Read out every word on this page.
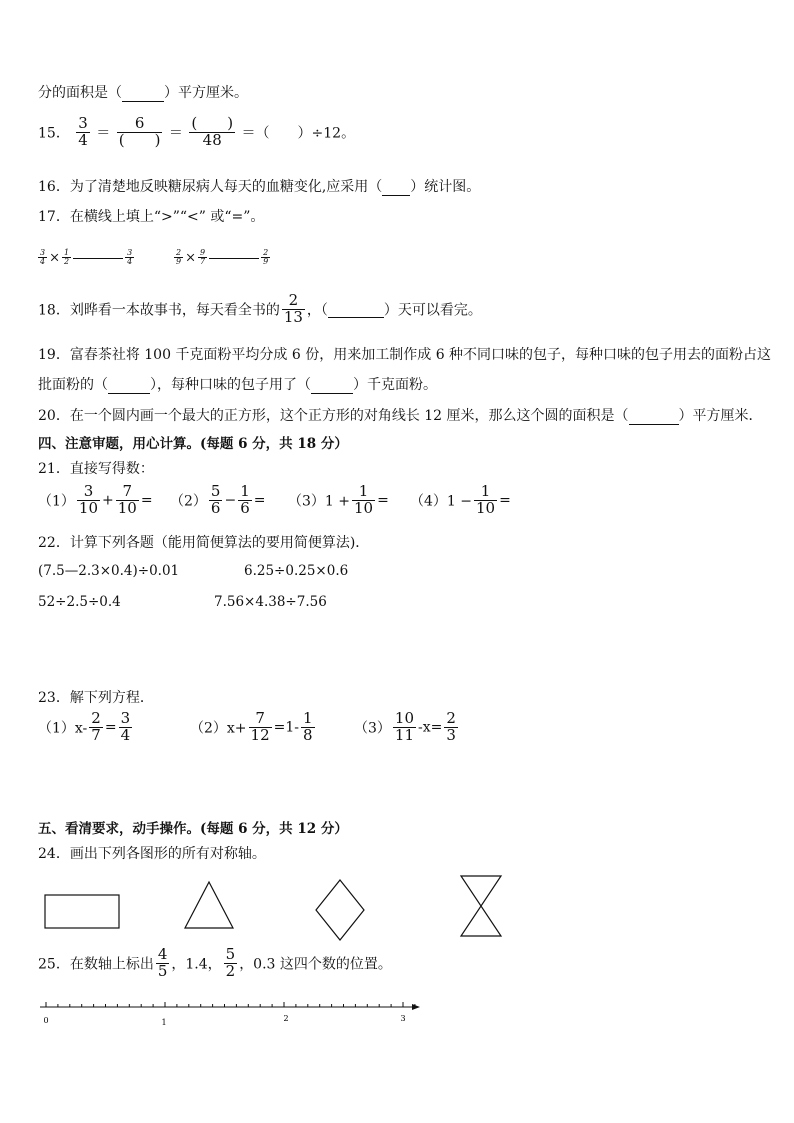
分的面积是（	）平方厘米。
15． $\frac{3}{4} = \frac{6}{( )} = \frac{( )}{48}$ ＝（　　）÷12。
16．为了清楚地反映糖尿病人每天的血糖变化,应采用（ ）统计图。
17．在横线上填上“>”“<” 或“=”。
$\frac{3}{4} \times \frac{1}{2}$	$\frac{3}{4}$	$\frac{2}{9} \times \frac{9}{7}$	$\frac{2}{9}$
18．刘晔看一本故事书，每天看全书的 $\frac{2}{13}$ ，（	）天可以看完。
19．富春茶社将 100 千克面粉平均分成 6 份，用来加工制作成 6 种不同口味的包子，每种口味的包子用去的面粉占这
批面粉的（	），每种口味的包子用了（	）千克面粉。
20．在一个圆内画一个最大的正方形，这个正方形的对角线长 12 厘米，那么这个圆的面积是（	）平方厘米．
四、注意审题，用心计算。(每题 6 分，共 18 分）
21．直接写得数：
$(1) \frac{3}{10} + \frac{7}{10} = (2) \frac{5}{6} - \frac{1}{6} = (3)1 + \frac{1}{10} = (4)1 - \frac{1}{10}$ =
22．计算下列各题（能用简便算法的要用简便算法)．
(7.5—2.3×0.4)÷0.01	6.25÷0.25×0.6
52÷2.5÷0.4	7.56×4.38÷7.56
23．解下列方程．
$(1)x- \frac{2}{7} = \frac{3}{4}$	$(2)x+ \frac{7}{12} =1- \frac{1}{8}$	$(3) \frac{10}{11} -x= \frac{2}{3}$
五、看清要求，动手操作。(每题 6 分，共 12 分）
24．画出下列各图形的所有对称轴。
25．在数轴上标出 $\frac{4}{5}$ ，1.4， $\frac{5}{2}$ ，0.3 这四个数的位置。
0	1	2	3
